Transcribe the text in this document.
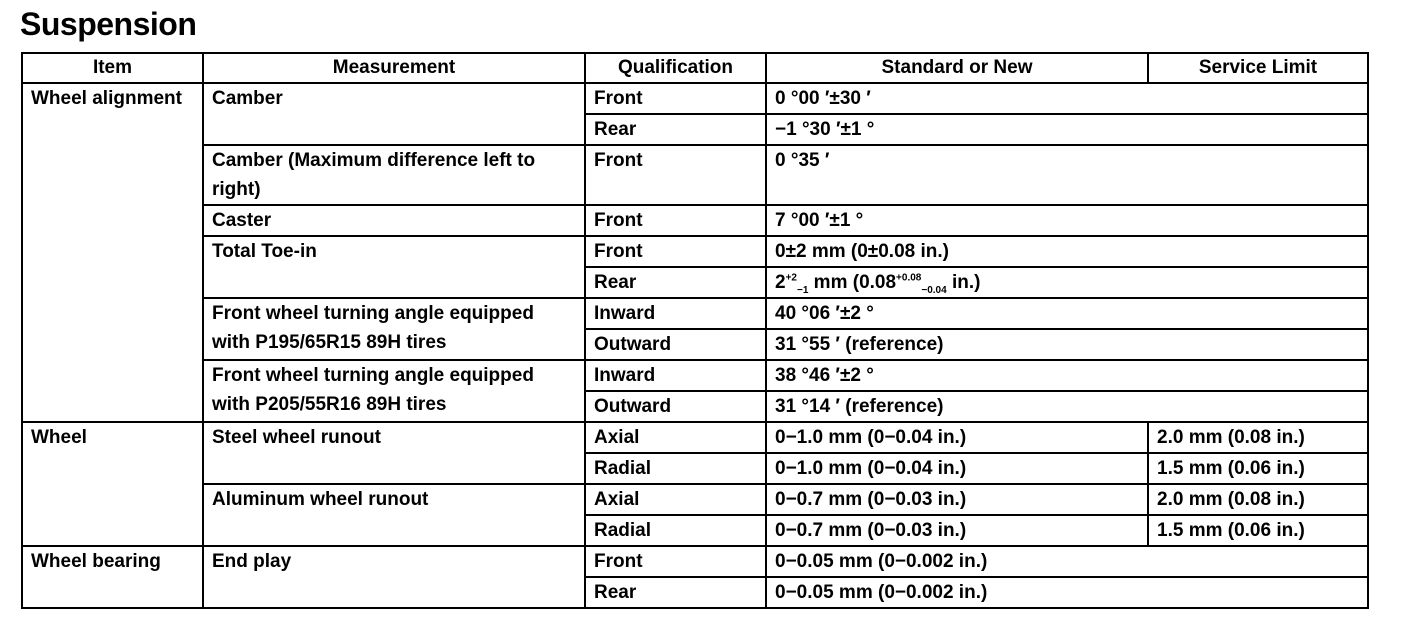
Suspension
Item	Measurement	Qualification	Standard or New	Service Limit
Wheel alignment	Camber	Front	0 °00 ′±30 ′	
		Rear	−1 °30 ′±1 °	
	Camber (Maximum difference left to right)	Front	0 °35 ′	
	Caster	Front	7 °00 ′±1 °	
	Total Toe-in	Front	0±2 mm (0±0.08 in.)	
		Rear	$2^{+2}_{-1}$ mm ($0.08^{+0.08}_{-0.04}$ in.)	
	Front wheel turning angle equipped with P195/65R15 89H tires	Inward	40 °06 ′±2 °	
		Outward	31 °55 ′ (reference)	
	Front wheel turning angle equipped with P205/55R16 89H tires	Inward	38 °46 ′±2 °	
		Outward	31 °14 ′ (reference)	
Wheel	Steel wheel runout	Axial	0−1.0 mm (0−0.04 in.)	2.0 mm (0.08 in.)
		Radial	0−1.0 mm (0−0.04 in.)	1.5 mm (0.06 in.)
	Aluminum wheel runout	Axial	0−0.7 mm (0−0.03 in.)	2.0 mm (0.08 in.)
		Radial	0−0.7 mm (0−0.03 in.)	1.5 mm (0.06 in.)
Wheel bearing	End play	Front	0−0.05 mm (0−0.002 in.)	
		Rear	0−0.05 mm (0−0.002 in.)	
